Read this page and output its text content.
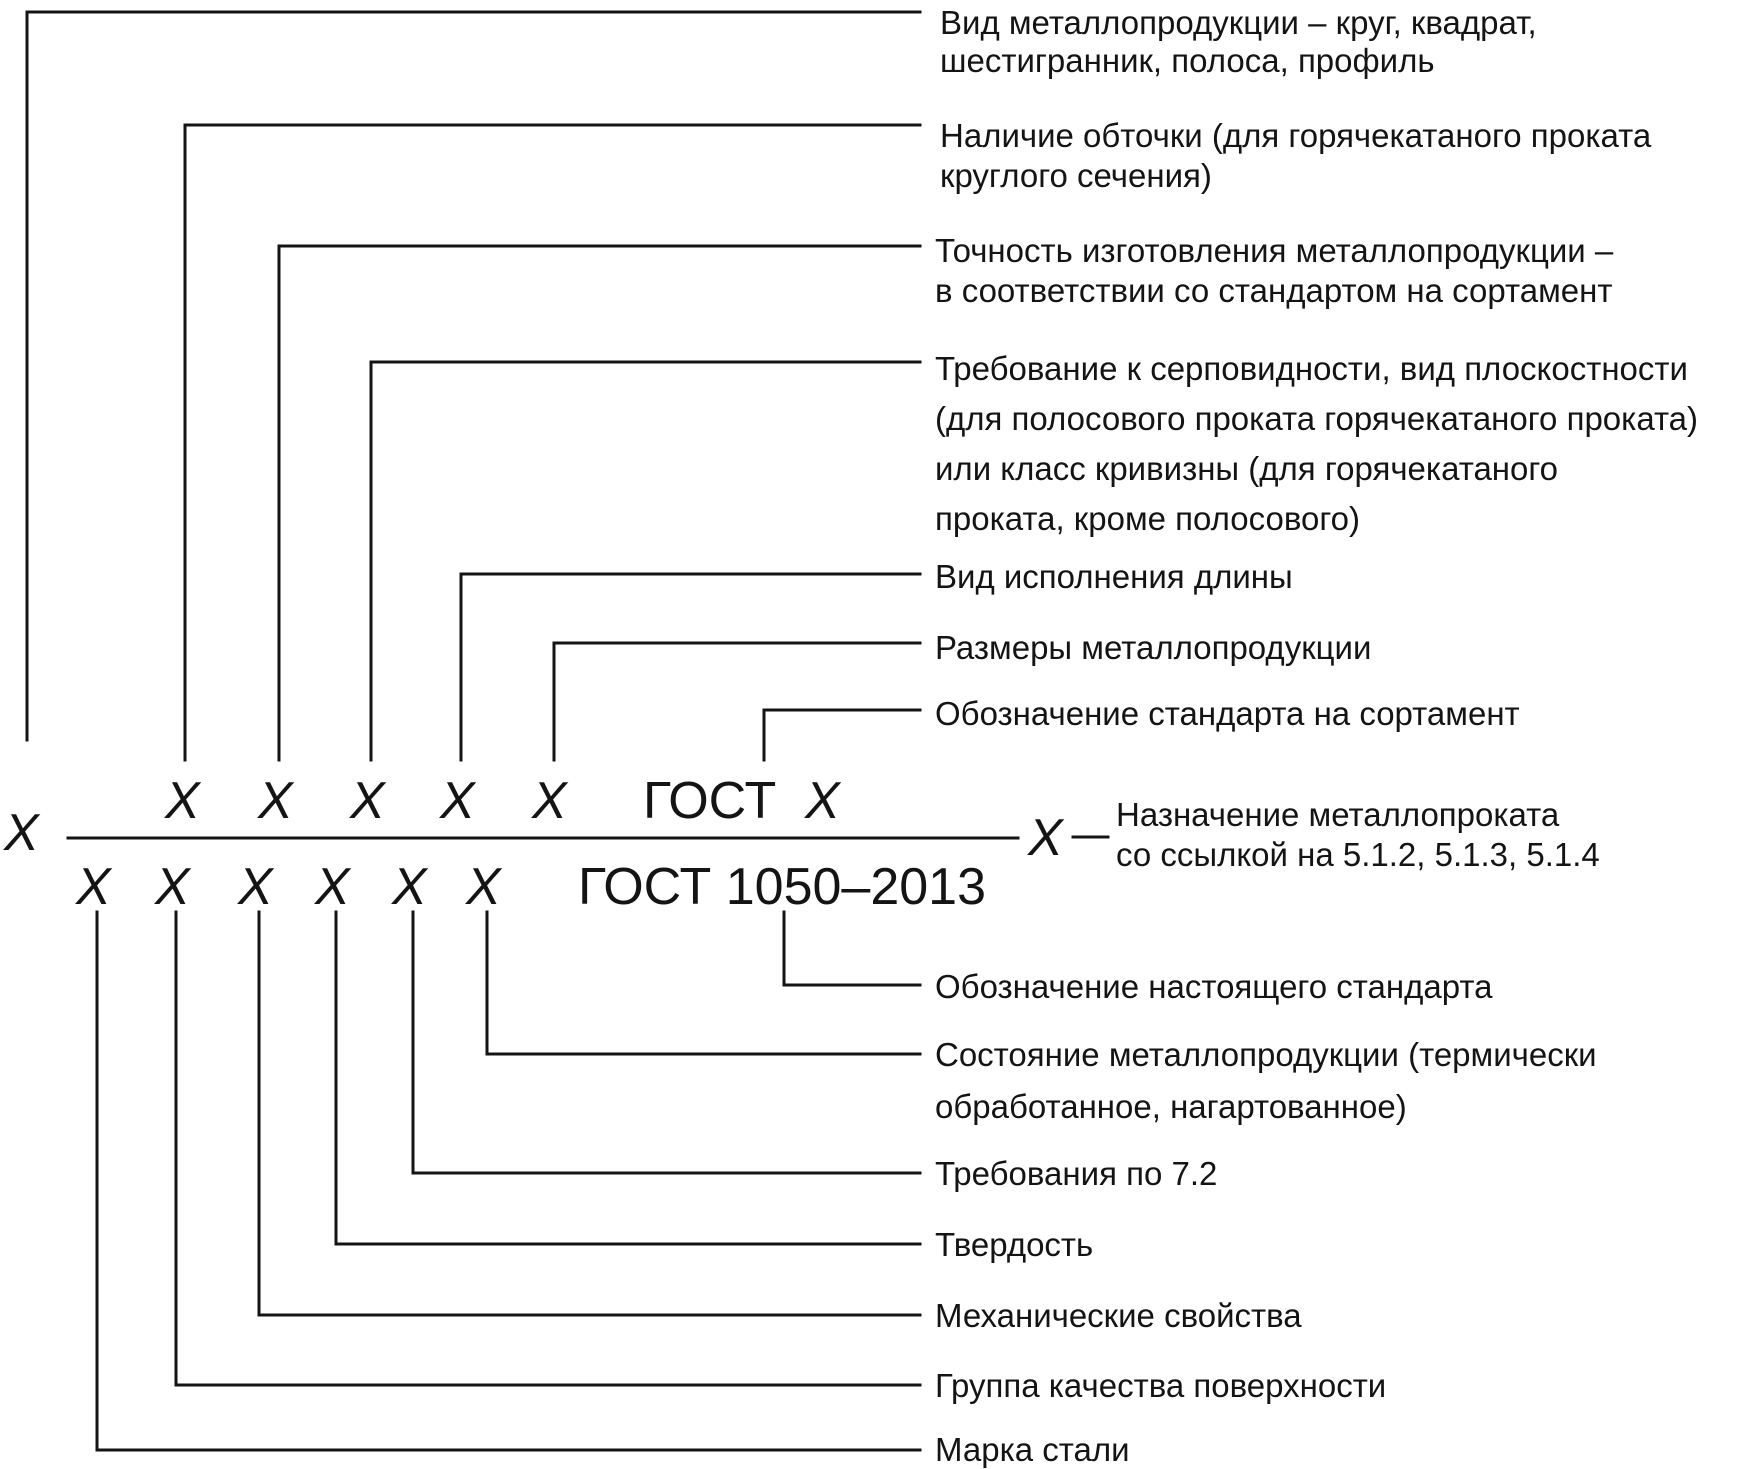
X
X X X X X ГОСТ X
X
X X X X X X ГОСТ 1050–2013
Вид металлопродукции – круг, квадрат,
шестигранник, полоса, профиль
Наличие обточки (для горячекатаного проката
круглого сечения)
Точность изготовления металлопродукции –
в соответствии со стандартом на сортамент
Требование к серповидности, вид плоскостности
(для полосового проката горячекатаного проката)
или класс кривизны (для горячекатаного
проката, кроме полосового)
Вид исполнения длины
Размеры металлопродукции
Обозначение стандарта на сортамент
Назначение металлопроката
со ссылкой на 5.1.2, 5.1.3, 5.1.4
Обозначение настоящего стандарта
Состояние металлопродукции (термически
обработанное, нагартованное)
Требования по 7.2
Твердость
Механические свойства
Группа качества поверхности
Марка стали
